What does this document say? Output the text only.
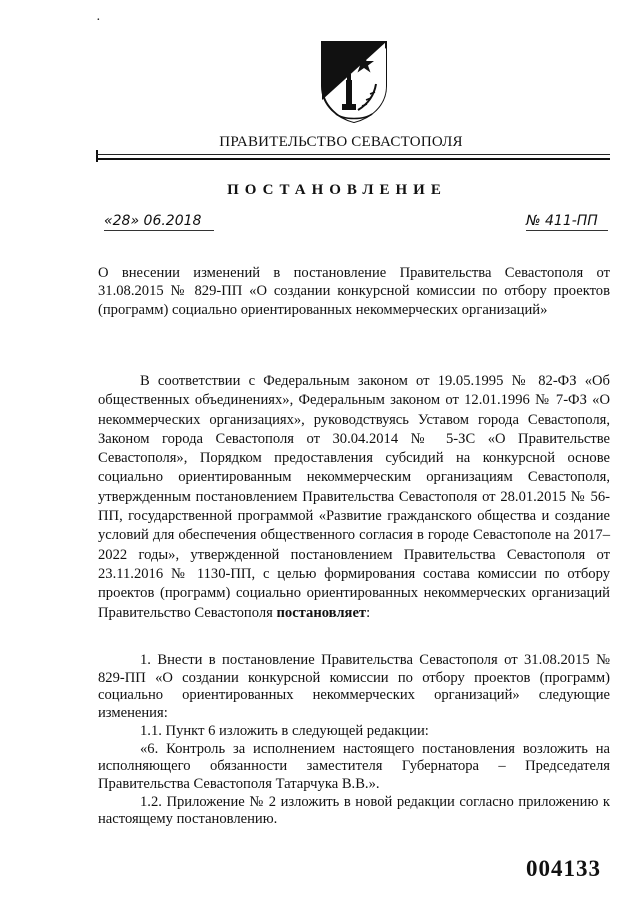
·
ПРАВИТЕЛЬСТВО СЕВАСТОПОЛЯ
ПОСТАНОВЛЕНИЕ
«28» 06.2018	№ 411-ПП
О внесении изменений в постановление Правительства Севастополя от 31.08.2015 № 829-ПП «О создании конкурсной комиссии по отбору проектов (программ) социально ориентированных некоммерческих организаций»
В соответствии с Федеральным законом от 19.05.1995 № 82-ФЗ «Об общественных объединениях», Федеральным законом от 12.01.1996 № 7-ФЗ «О некоммерческих организациях», руководствуясь Уставом города Севастополя, Законом города Севастополя от 30.04.2014 № 5-ЗС «О Правительстве Севастополя», Порядком предоставления субсидий на конкурсной основе социально ориентированным некоммерческим организациям Севастополя, утвержденным постановлением Правительства Севастополя от 28.01.2015 № 56-ПП, государственной программой «Развитие гражданского общества и создание условий для обеспечения общественного согласия в городе Севастополе на 2017–2022 годы», утвержденной постановлением Правительства Севастополя от 23.11.2016 № 1130-ПП, с целью формирования состава комиссии по отбору проектов (программ) социально ориентированных некоммерческих организаций Правительство Севастополя постановляет:

1. Внести в постановление Правительства Севастополя от 31.08.2015 № 829-ПП «О создании конкурсной комиссии по отбору проектов (программ) социально ориентированных некоммерческих организаций» следующие изменения:

1.1. Пункт 6 изложить в следующей редакции:

«6. Контроль за исполнением настоящего постановления возложить на исполняющего обязанности заместителя Губернатора – Председателя Правительства Севастополя Татарчука В.В.».

1.2. Приложение № 2 изложить в новой редакции согласно приложению к настоящему постановлению.

004133
